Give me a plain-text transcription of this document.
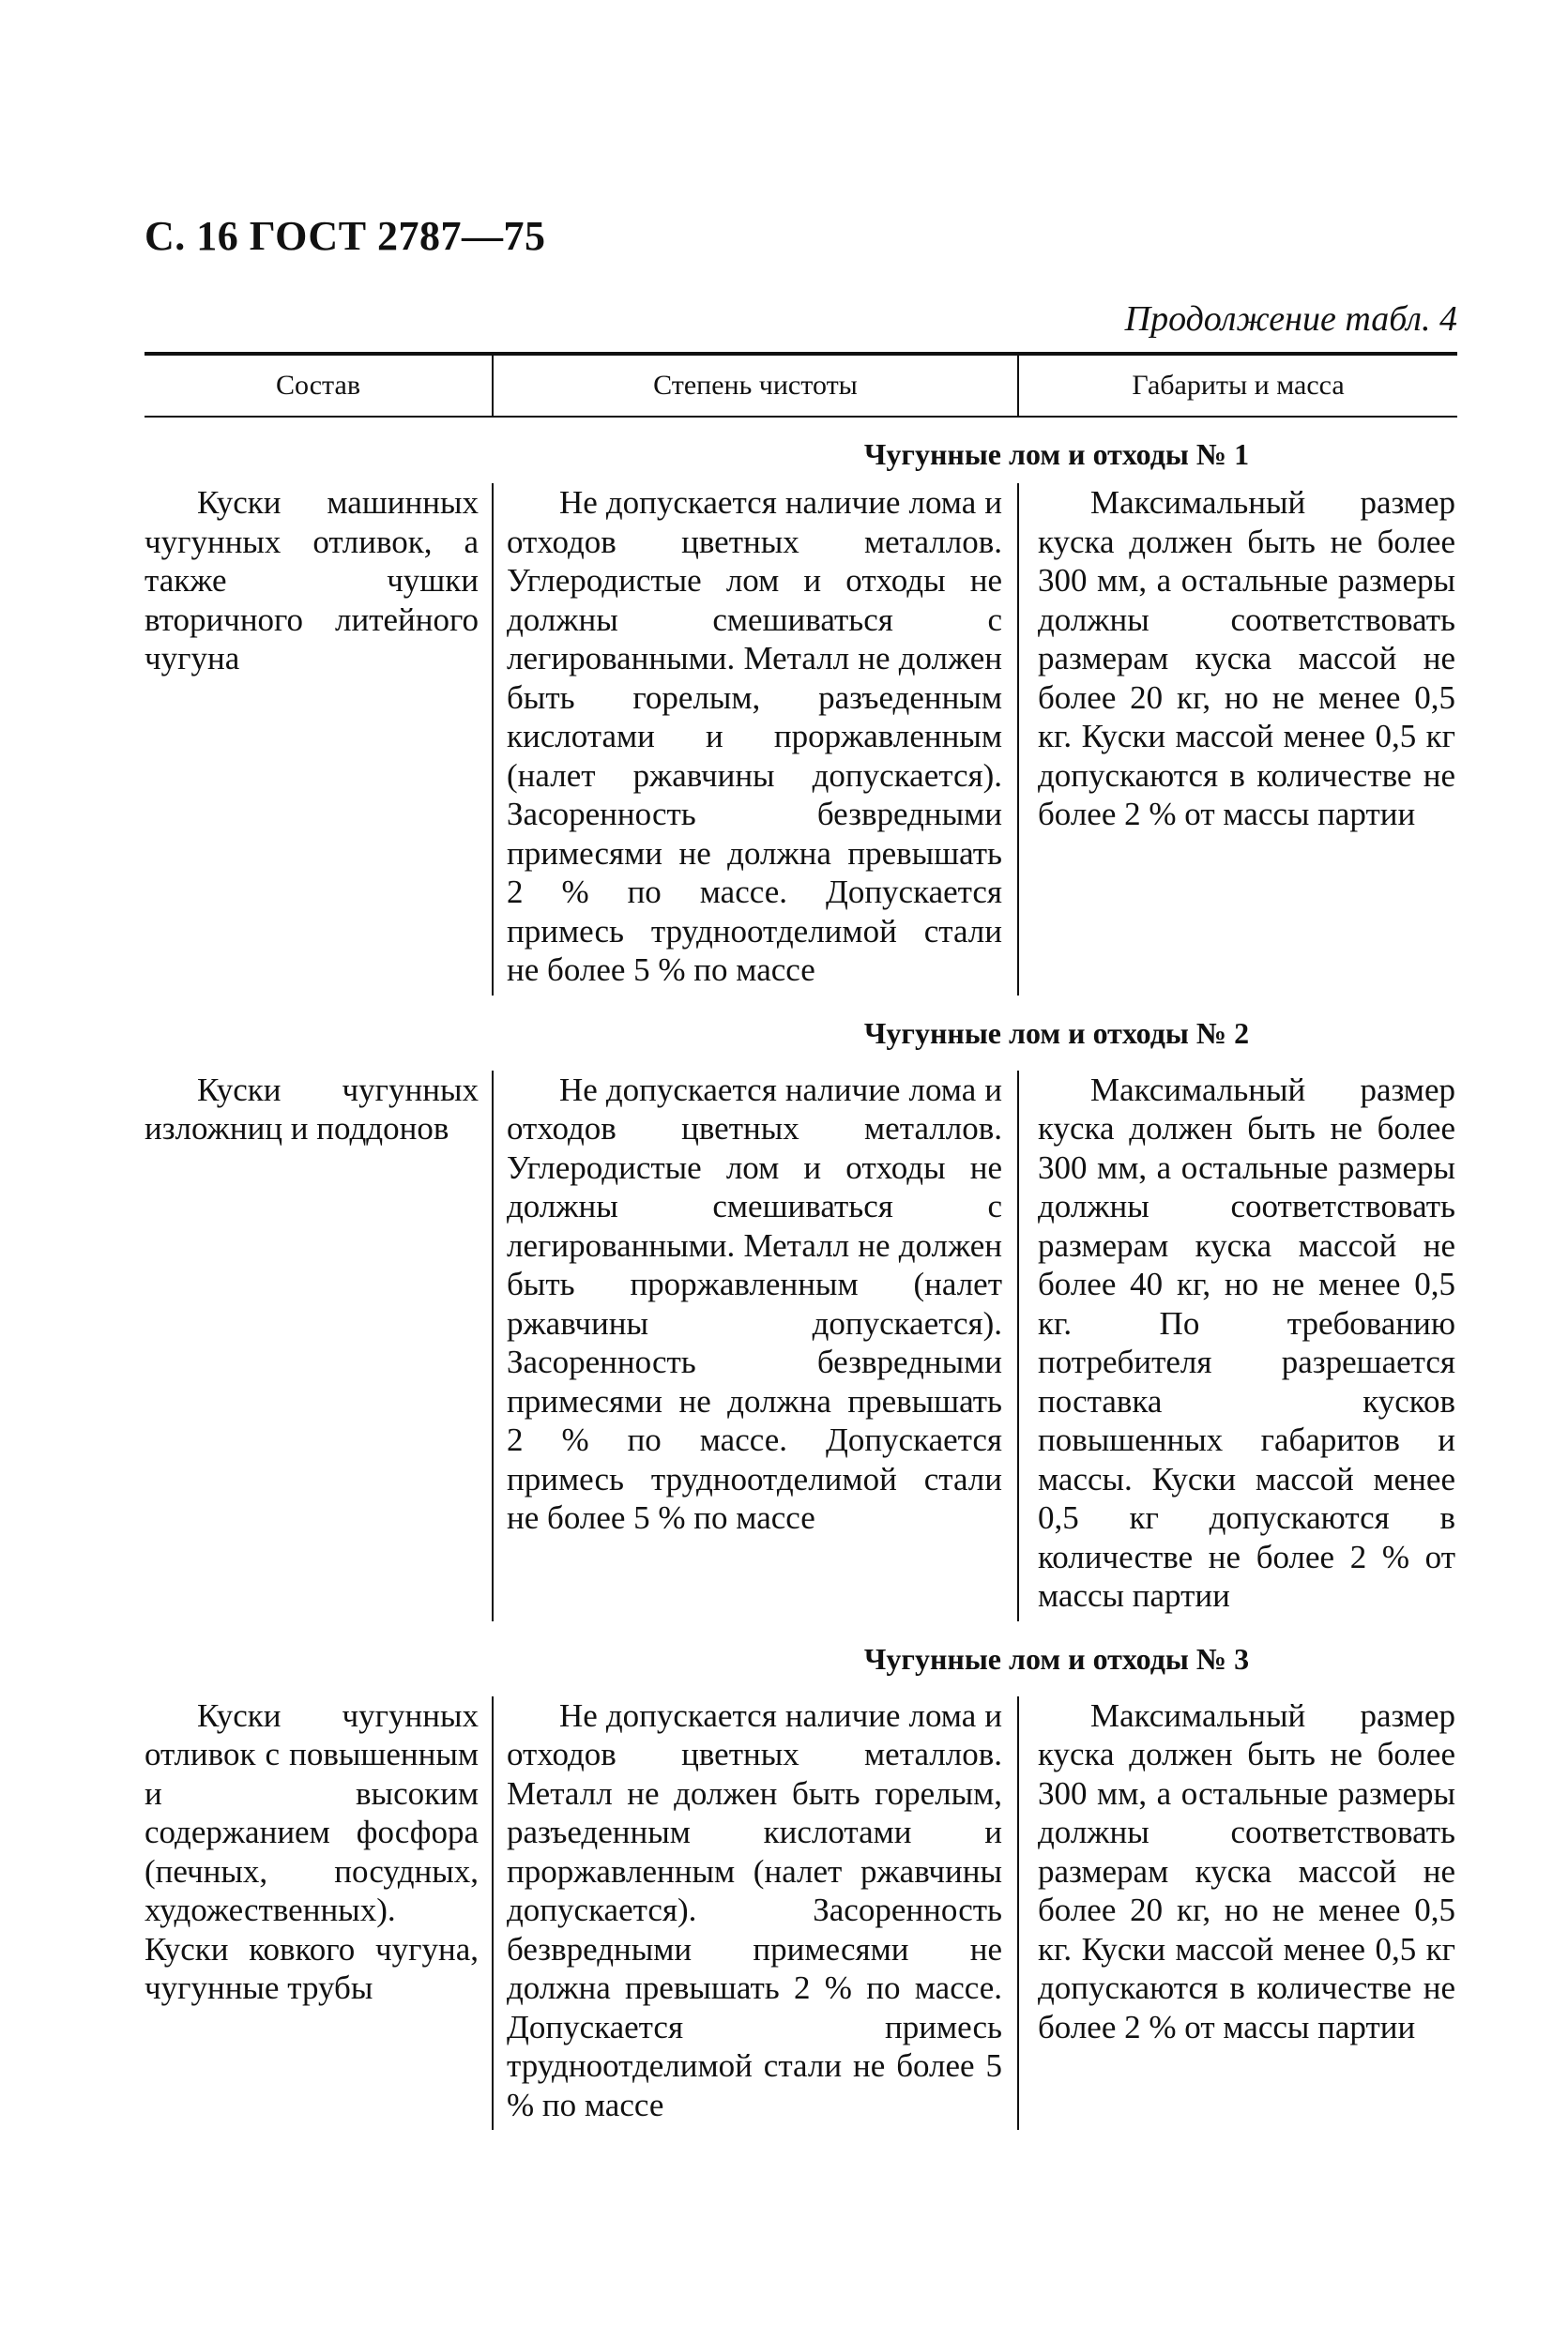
С. 16 ГОСТ 2787—75
Продолжение табл. 4
Состав	Степень чистоты	Габариты и масса
Чугунные лом и отходы № 1
Куски машинных чугунных отливок, а также чушки вторичного литейного чугуна
Не допускается наличие лома и отходов цветных металлов. Углеродистые лом и отходы не должны смешиваться с легированными. Металл не должен быть горелым, разъеденным кислотами и проржавленным (налет ржавчины допускается). Засоренность безвредными примесями не должна превышать 2 % по массе. Допускается примесь трудноотделимой стали не более 5 % по массе
Максимальный размер куска должен быть не более 300 мм, а остальные размеры должны соответствовать размерам куска массой не более 20 кг, но не менее 0,5 кг. Куски массой менее 0,5 кг допускаются в количестве не более 2 % от массы партии
Чугунные лом и отходы № 2
Куски чугунных изложниц и поддонов
Не допускается наличие лома и отходов цветных металлов. Углеродистые лом и отходы не должны смешиваться с легированными. Металл не должен быть проржавленным (налет ржавчины допускается). Засоренность безвредными примесями не должна превышать 2 % по массе. Допускается примесь трудноотделимой стали не более 5 % по массе
Максимальный размер куска должен быть не более 300 мм, а остальные размеры должны соответствовать размерам куска массой не более 40 кг, но не менее 0,5 кг. По требованию потребителя разрешается поставка кусков повышенных габаритов и массы. Куски массой менее 0,5 кг допускаются в количестве не более 2 % от массы партии
Чугунные лом и отходы № 3
Куски чугунных отливок с повышенным и высоким содержанием фосфора (печных, посудных, художественных). Куски ковкого чугуна, чугунные трубы
Не допускается наличие лома и отходов цветных металлов. Металл не должен быть горелым, разъеденным кислотами и проржавленным (налет ржавчины допускается). Засоренность безвредными примесями не должна превышать 2 % по массе. Допускается примесь трудноотделимой стали не более 5 % по массе
Максимальный размер куска должен быть не более 300 мм, а остальные размеры должны соответствовать размерам куска массой не более 20 кг, но не менее 0,5 кг. Куски массой менее 0,5 кг допускаются в количестве не более 2 % от массы партии
